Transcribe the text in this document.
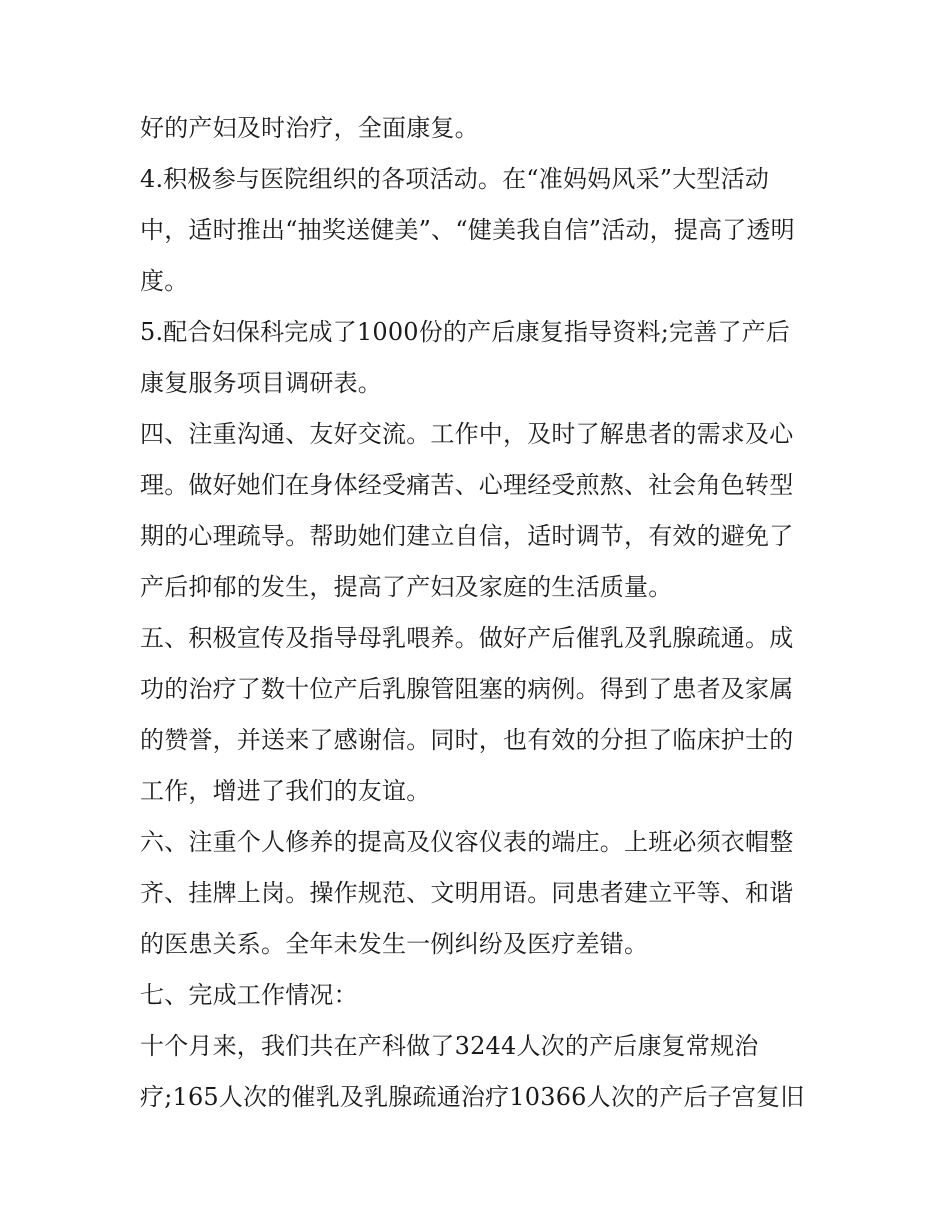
好的产妇及时治疗，全面康复。
4.积极参与医院组织的各项活动。在“准妈妈风采”大型活动
中，适时推出“抽奖送健美”、“健美我自信”活动，提高了透明
度。
5.配合妇保科完成了1000份的产后康复指导资料;完善了产后
康复服务项目调研表。
四、注重沟通、友好交流。工作中，及时了解患者的需求及心
理。做好她们在身体经受痛苦、心理经受煎熬、社会角色转型
期的心理疏导。帮助她们建立自信，适时调节，有效的避免了
产后抑郁的发生，提高了产妇及家庭的生活质量。
五、积极宣传及指导母乳喂养。做好产后催乳及乳腺疏通。成
功的治疗了数十位产后乳腺管阻塞的病例。得到了患者及家属
的赞誉，并送来了感谢信。同时，也有效的分担了临床护士的
工作，增进了我们的友谊。
六、注重个人修养的提高及仪容仪表的端庄。上班必须衣帽整
齐、挂牌上岗。操作规范、文明用语。同患者建立平等、和谐
的医患关系。全年未发生一例纠纷及医疗差错。
七、完成工作情况：
十个月来，我们共在产科做了3244人次的产后康复常规治
疗;165人次的催乳及乳腺疏通治疗10366人次的产后子宫复旧
